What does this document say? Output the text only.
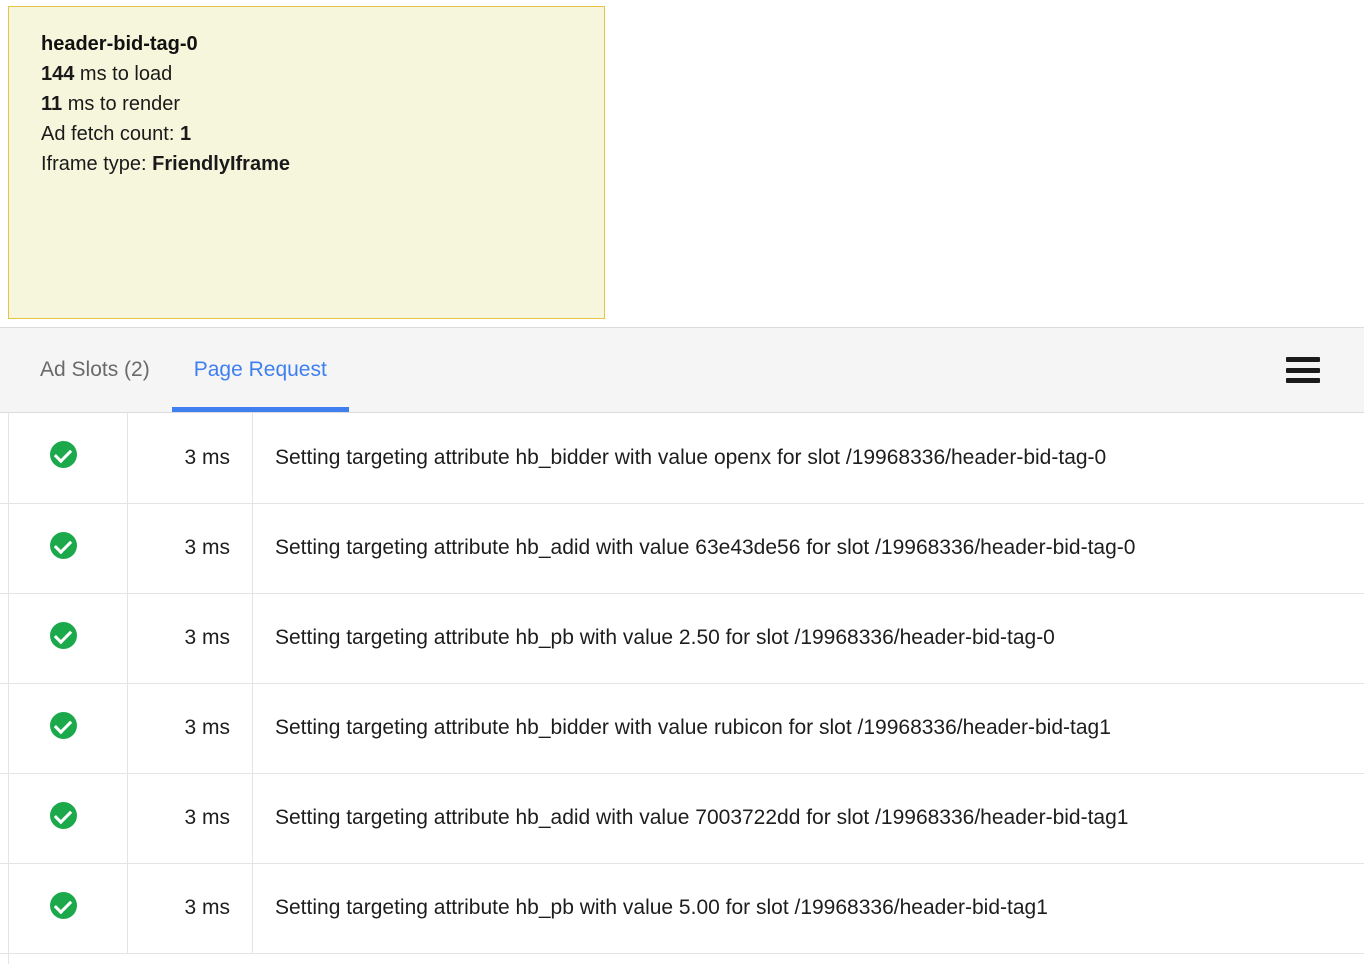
header-bid-tag-0
144 ms to load
11 ms to render
Ad fetch count: 1
Iframe type: FriendlyIframe
Ad Slots (2) Page Request
	3 ms	Setting targeting attribute hb_bidder with value openx for slot /19968336/header-bid-tag-0
	3 ms	Setting targeting attribute hb_adid with value 63e43de56 for slot /19968336/header-bid-tag-0
	3 ms	Setting targeting attribute hb_pb with value 2.50 for slot /19968336/header-bid-tag-0
	3 ms	Setting targeting attribute hb_bidder with value rubicon for slot /19968336/header-bid-tag1
	3 ms	Setting targeting attribute hb_adid with value 7003722dd for slot /19968336/header-bid-tag1
	3 ms	Setting targeting attribute hb_pb with value 5.00 for slot /19968336/header-bid-tag1
